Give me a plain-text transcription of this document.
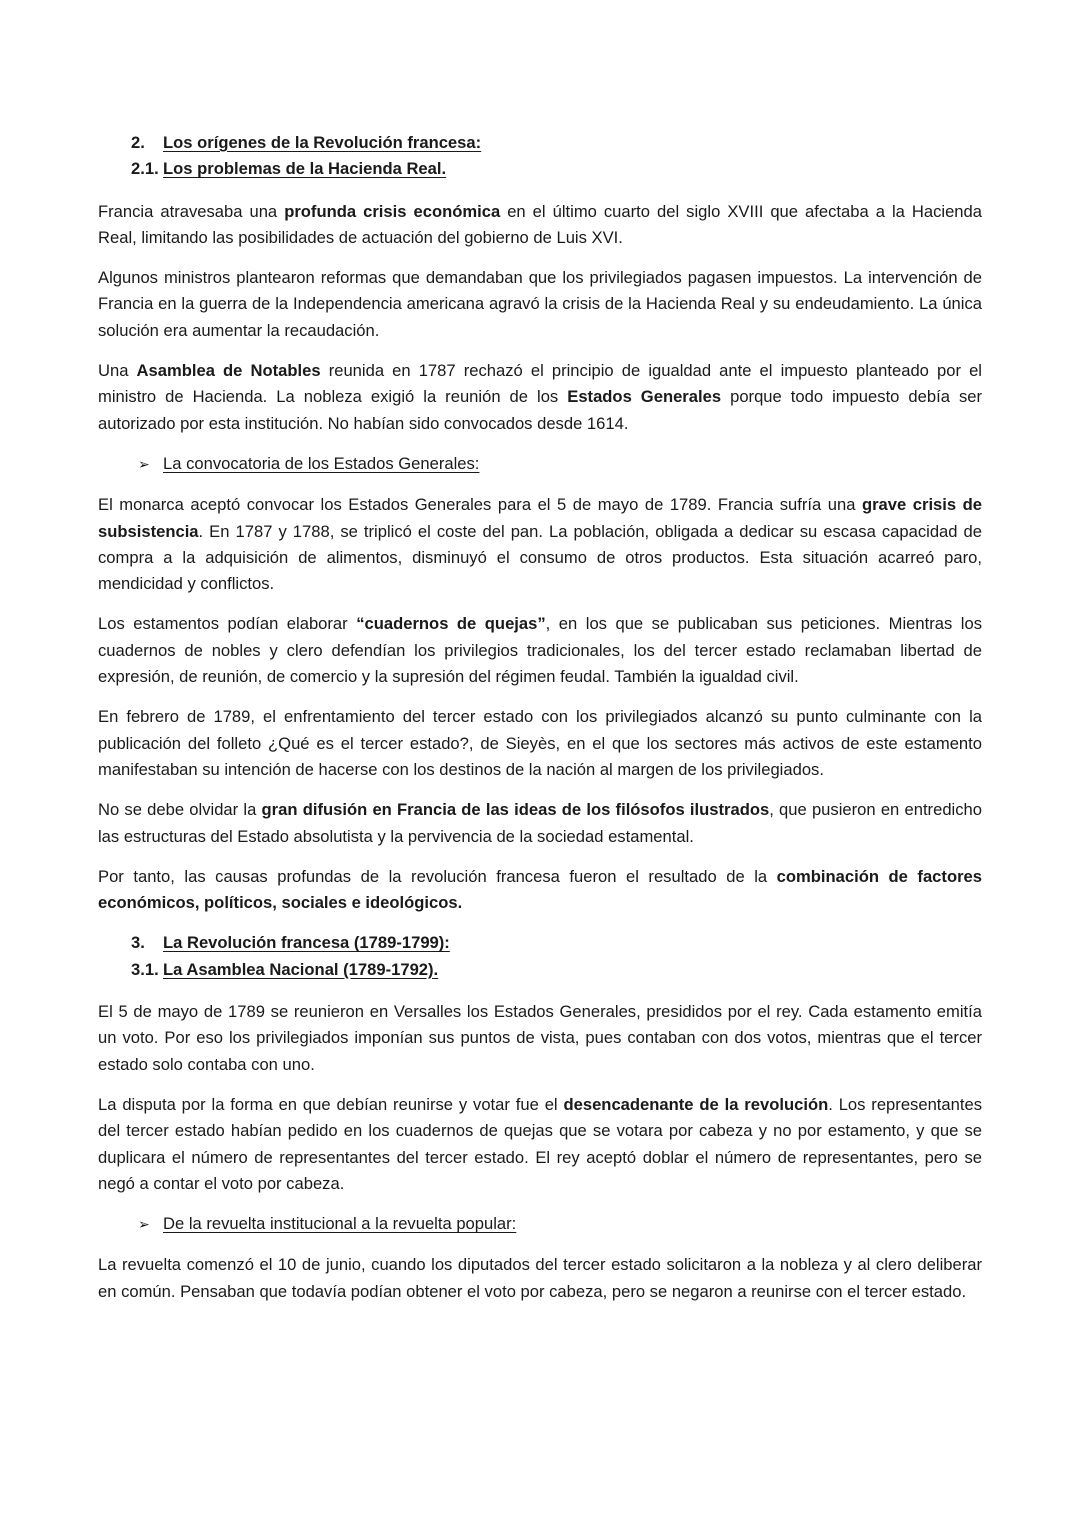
2.	Los orígenes de la Revolución francesa:
2.1. Los problemas de la Hacienda Real.

Francia atravesaba una profunda crisis económica en el último cuarto del siglo XVIII que afectaba a la Hacienda Real, limitando las posibilidades de actuación del gobierno de Luis XVI.

Algunos ministros plantearon reformas que demandaban que los privilegiados pagasen impuestos. La intervención de Francia en la guerra de la Independencia americana agravó la crisis de la Hacienda Real y su endeudamiento. La única solución era aumentar la recaudación.

Una Asamblea de Notables reunida en 1787 rechazó el principio de igualdad ante el impuesto planteado por el ministro de Hacienda. La nobleza exigió la reunión de los Estados Generales porque todo impuesto debía ser autorizado por esta institución. No habían sido convocados desde 1614.

➢ La convocatoria de los Estados Generales:

El monarca aceptó convocar los Estados Generales para el 5 de mayo de 1789. Francia sufría una grave crisis de subsistencia. En 1787 y 1788, se triplicó el coste del pan. La población, obligada a dedicar su escasa capacidad de compra a la adquisición de alimentos, disminuyó el consumo de otros productos. Esta situación acarreó paro, mendicidad y conflictos.

Los estamentos podían elaborar “cuadernos de quejas”, en los que se publicaban sus peticiones. Mientras los cuadernos de nobles y clero defendían los privilegios tradicionales, los del tercer estado reclamaban libertad de expresión, de reunión, de comercio y la supresión del régimen feudal. También la igualdad civil.

En febrero de 1789, el enfrentamiento del tercer estado con los privilegiados alcanzó su punto culminante con la publicación del folleto ¿Qué es el tercer estado?, de Sieyès, en el que los sectores más activos de este estamento manifestaban su intención de hacerse con los destinos de la nación al margen de los privilegiados.

No se debe olvidar la gran difusión en Francia de las ideas de los filósofos ilustrados, que pusieron en entredicho las estructuras del Estado absolutista y la pervivencia de la sociedad estamental.

Por tanto, las causas profundas de la revolución francesa fueron el resultado de la combinación de factores económicos, políticos, sociales e ideológicos.

3.	La Revolución francesa (1789-1799):
3.1. La Asamblea Nacional (1789-1792).

El 5 de mayo de 1789 se reunieron en Versalles los Estados Generales, presididos por el rey. Cada estamento emitía un voto. Por eso los privilegiados imponían sus puntos de vista, pues contaban con dos votos, mientras que el tercer estado solo contaba con uno.

La disputa por la forma en que debían reunirse y votar fue el desencadenante de la revolución. Los representantes del tercer estado habían pedido en los cuadernos de quejas que se votara por cabeza y no por estamento, y que se duplicara el número de representantes del tercer estado. El rey aceptó doblar el número de representantes, pero se negó a contar el voto por cabeza.

➢ De la revuelta institucional a la revuelta popular:

La revuelta comenzó el 10 de junio, cuando los diputados del tercer estado solicitaron a la nobleza y al clero deliberar en común. Pensaban que todavía podían obtener el voto por cabeza, pero se negaron a reunirse con el tercer estado.
